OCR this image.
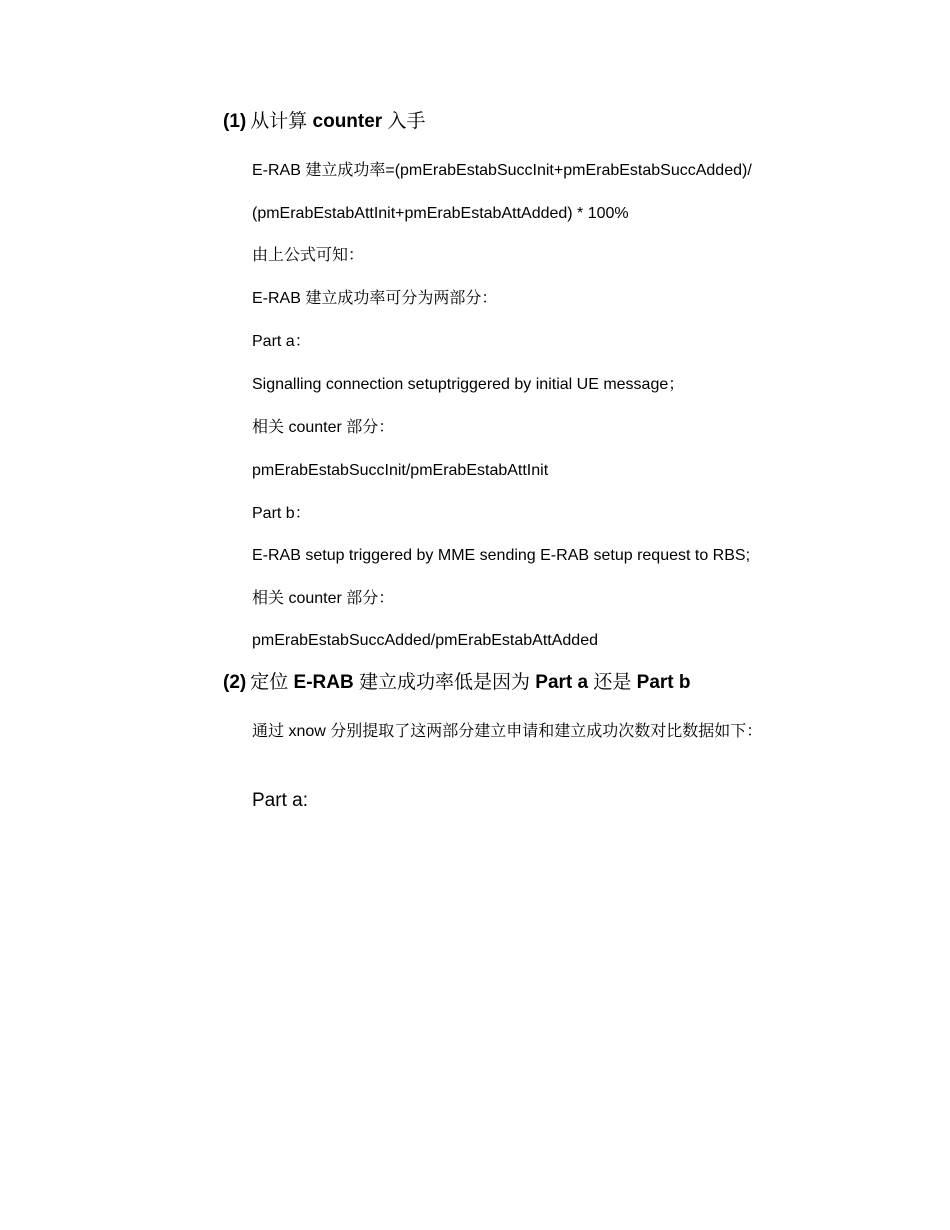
(1) 从计算 counter 入手
E-RAB 建立成功率=(pmErabEstabSuccInit+pmErabEstabSuccAdded)/
(pmErabEstabAttInit+pmErabEstabAttAdded) * 100%
由上公式可知：
E-RAB 建立成功率可分为两部分：
Part a：
Signalling connection setuptriggered by initial UE message；
相关 counter 部分：
pmErabEstabSuccInit/pmErabEstabAttInit
Part b：
E-RAB setup triggered by MME sending E-RAB setup request to RBS;
相关 counter 部分：
pmErabEstabSuccAdded/pmErabEstabAttAdded
(2) 定位 E-RAB 建立成功率低是因为 Part a 还是 Part b
通过 xnow 分别提取了这两部分建立申请和建立成功次数对比数据如下：
Part a:
